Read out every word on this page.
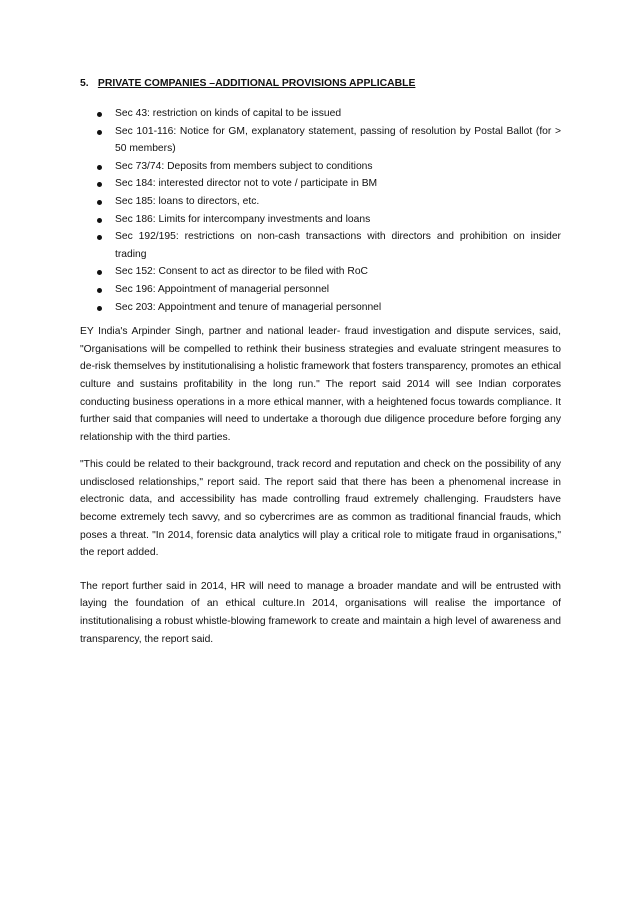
5. PRIVATE COMPANIES –ADDITIONAL PROVISIONS APPLICABLE
Sec 43: restriction on kinds of capital to be issued
Sec 101-116: Notice for GM, explanatory statement, passing of resolution by Postal Ballot (for > 50 members)
Sec 73/74: Deposits from members subject to conditions
Sec 184: interested director not to vote / participate in BM
Sec 185: loans to directors, etc.
Sec 186: Limits for intercompany investments and loans
Sec 192/195: restrictions on non-cash transactions with directors and prohibition on insider trading
Sec 152: Consent to act as director to be filed with RoC
Sec 196: Appointment of managerial personnel
Sec 203: Appointment and tenure of managerial personnel

EY India's Arpinder Singh, partner and national leader- fraud investigation and dispute services, said, "Organisations will be compelled to rethink their business strategies and evaluate stringent measures to de-risk themselves by institutionalising a holistic framework that fosters transparency, promotes an ethical culture and sustains profitability in the long run." The report said 2014 will see Indian corporates conducting business operations in a more ethical manner, with a heightened focus towards compliance. It further said that companies will need to undertake a thorough due diligence procedure before forging any relationship with the third parties.

"This could be related to their background, track record and reputation and check on the possibility of any undisclosed relationships," report said. The report said that there has been a phenomenal increase in electronic data, and accessibility has made controlling fraud extremely challenging. Fraudsters have become extremely tech savvy, and so cybercrimes are as common as traditional financial frauds, which poses a threat. "In 2014, forensic data analytics will play a critical role to mitigate fraud in organisations," the report added.

The report further said in 2014, HR will need to manage a broader mandate and will be entrusted with laying the foundation of an ethical culture.In 2014, organisations will realise the importance of institutionalising a robust whistle-blowing framework to create and maintain a high level of awareness and transparency, the report said.
